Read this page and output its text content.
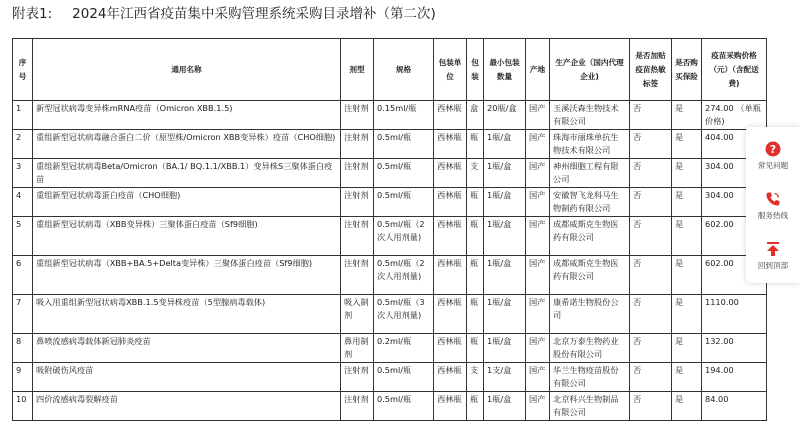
附表1: 2024年江西省疫苗集中采购管理系统采购目录增补（第二次)
序号	通用名称	剂型	规格	包装单位	包装	最小包装数量	产地	生产企业（国内代理企业)	是否加贴疫苗热敏标签	是否购买保险	疫苗采购价格（元）（含配送费)
1	新型冠状病毒变异株mRNA疫苗（Omicron XBB.1.5)	注射剂	0.15ml/瓶	西林瓶	盒	20瓶/盒	国产	玉溪沃森生物技术有限公司	否	是	274.00 （单瓶价格)
2	重组新型冠状病毒融合蛋白二价（原型株/Omicron XBB变异株）疫苗（CHO细胞)	注射剂	0.5ml/瓶	西林瓶	瓶	1瓶/盒	国产	珠海市丽珠单抗生物技术有限公司	否	是	404.00
3	重组新型冠状病毒Beta/Omicron（BA.1/ BQ.1.1/XBB.1）变异株S三聚体蛋白疫苗	注射剂	0.5ml/瓶	西林瓶	支	1瓶/盒	国产	神州细胞工程有限公司	否	是	304.00
4	重组新型冠状病毒蛋白疫苗（CHO细胞)	注射剂	0.5ml/瓶	西林瓶	瓶	1瓶/盒	国产	安徽智飞龙科马生物制药有限公司	否	是	304.00
5	重组新型冠状病毒（XBB变异株）三聚体蛋白疫苗（Sf9细胞)	注射剂	0.5ml/瓶（2次人用剂量)	西林瓶	瓶	1瓶/盒	国产	成都威斯克生物医药有限公司	否	是	602.00
6	重组新型冠状病毒（XBB+BA.5+Delta变异株）三聚体蛋白疫苗（Sf9细胞)	注射剂	0.5ml/瓶（2次人用剂量)	西林瓶	瓶	1瓶/盒	国产	成都威斯克生物医药有限公司	否	是	602.00
7	吸入用重组新型冠状病毒XBB.1.5变异株疫苗（5型腺病毒载体)	吸入制剂	0.5ml/瓶（3次人用剂量)	西林瓶	瓶	1瓶/盒	国产	康希诺生物股份公司	否	是	1110.00
8	鼻喷流感病毒载体新冠肺炎疫苗	鼻用制剂	0.2ml/瓶	西林瓶	瓶	1瓶/盒	国产	北京万泰生物药业股份有限公司	否	是	132.00
9	吸附破伤风疫苗	注射剂	0.5ml/瓶	西林瓶	支	1支/盒	国产	华兰生物疫苗股份有限公司	否	是	194.00
10	四价流感病毒裂解疫苗	注射剂	0.5ml/瓶	西林瓶	瓶	1瓶/盒	国产	北京科兴生物制品有限公司	否	是	84.00
?
常见问题
服务热线
回到顶部
